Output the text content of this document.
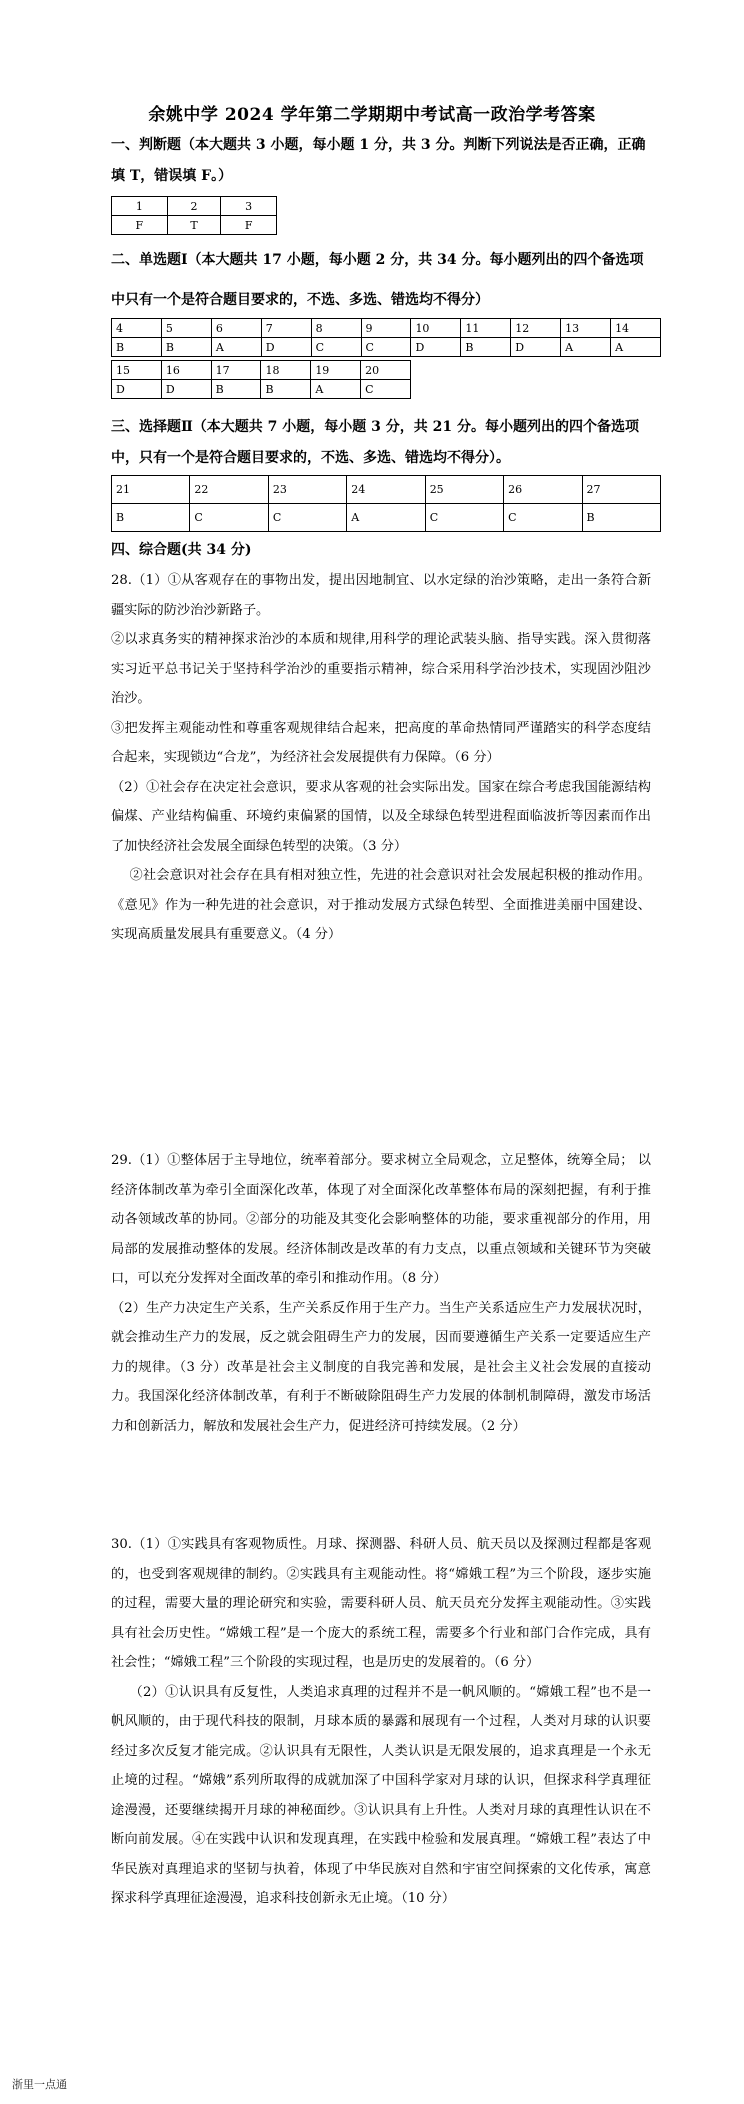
余姚中学 2024 学年第二学期期中考试高一政治学考答案
一、判断题（本大题共 3 小题，每小题 1 分，共 3 分。判断下列说法是否正确，正确填 T，错误填 F。）
1	2	3
F	T	F
二、单选题Ⅰ（本大题共 17 小题，每小题 2 分，共 34 分。每小题列出的四个备选项中只有一个是符合题目要求的，不选、多选、错选均不得分）
4	5	6	7	8	9	10	11	12	13	14
B	B	A	D	C	C	D	B	D	A	A
15	16	17	18	19	20
D	D	B	B	A	C
三、选择题Ⅱ（本大题共 7 小题，每小题 3 分，共 21 分。每小题列出的四个备选项中，只有一个是符合题目要求的，不选、多选、错选均不得分）。
21	22	23	24	25	26	27
B	C	C	A	C	C	B
四、综合题(共 34 分)

28.（1）①从客观存在的事物出发，提出因地制宜、以水定绿的治沙策略，走出一条符合新疆实际的防沙治沙新路子。

②以求真务实的精神探求治沙的本质和规律,用科学的理论武装头脑、指导实践。深入贯彻落实习近平总书记关于坚持科学治沙的重要指示精神，综合采用科学治沙技术，实现固沙阻沙治沙。

③把发挥主观能动性和尊重客观规律结合起来，把高度的革命热情同严谨踏实的科学态度结合起来，实现锁边“合龙”，为经济社会发展提供有力保障。（6 分）

（2）①社会存在决定社会意识，要求从客观的社会实际出发。国家在综合考虑我国能源结构偏煤、产业结构偏重、环境约束偏紧的国情，以及全球绿色转型进程面临波折等因素而作出了加快经济社会发展全面绿色转型的决策。（3 分）

②社会意识对社会存在具有相对独立性，先进的社会意识对社会发展起积极的推动作用。《意见》作为一种先进的社会意识，对于推动发展方式绿色转型、全面推进美丽中国建设、实现高质量发展具有重要意义。（4 分）

29.（1）①整体居于主导地位，统率着部分。要求树立全局观念，立足整体，统筹全局； 以经济体制改革为牵引全面深化改革，体现了对全面深化改革整体布局的深刻把握，有利于推动各领域改革的协同。②部分的功能及其变化会影响整体的功能，要求重视部分的作用，用局部的发展推动整体的发展。经济体制改是改革的有力支点，以重点领域和关键环节为突破口，可以充分发挥对全面改革的牵引和推动作用。（8 分）

（2）生产力决定生产关系，生产关系反作用于生产力。当生产关系适应生产力发展状况时，就会推动生产力的发展，反之就会阻碍生产力的发展，因而要遵循生产关系一定要适应生产力的规律。（3 分）改革是社会主义制度的自我完善和发展，是社会主义社会发展的直接动力。我国深化经济体制改革，有利于不断破除阻碍生产力发展的体制机制障碍，激发市场活力和创新活力，解放和发展社会生产力，促进经济可持续发展。（2 分）

30.（1）①实践具有客观物质性。月球、探测器、科研人员、航天员以及探测过程都是客观的，也受到客观规律的制约。②实践具有主观能动性。将“嫦娥工程”为三个阶段，逐步实施的过程，需要大量的理论研究和实验，需要科研人员、航天员充分发挥主观能动性。③实践具有社会历史性。“嫦娥工程”是一个庞大的系统工程，需要多个行业和部门合作完成，具有社会性；“嫦娥工程”三个阶段的实现过程，也是历史的发展着的。（6 分）

（2）①认识具有反复性，人类追求真理的过程并不是一帆风顺的。“嫦娥工程”也不是一帆风顺的，由于现代科技的限制，月球本质的暴露和展现有一个过程，人类对月球的认识要经过多次反复才能完成。②认识具有无限性，人类认识是无限发展的，追求真理是一个永无止境的过程。“嫦娥”系列所取得的成就加深了中国科学家对月球的认识，但探求科学真理征途漫漫，还要继续揭开月球的神秘面纱。③认识具有上升性。人类对月球的真理性认识在不断向前发展。④在实践中认识和发现真理，在实践中检验和发展真理。“嫦娥工程”表达了中华民族对真理追求的坚韧与执着，体现了中华民族对自然和宇宙空间探索的文化传承，寓意探求科学真理征途漫漫，追求科技创新永无止境。（10 分）

浙里一点通
